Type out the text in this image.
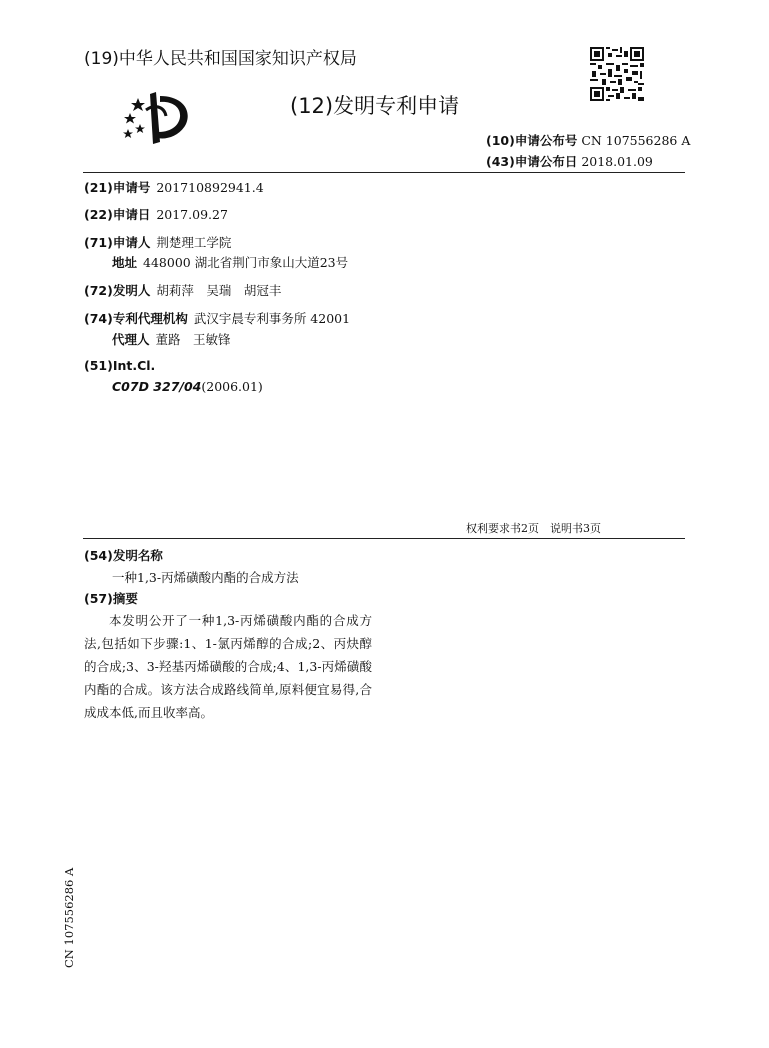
(19)中华人民共和国国家知识产权局
(12)发明专利申请
(10)申请公布号 CN 107556286 A
(43)申请公布日 2018.01.09
(21)申请号 201710892941.4
(22)申请日 2017.09.27
(71)申请人 荆楚理工学院
地址 448000 湖北省荆门市象山大道23号
(72)发明人 胡莉萍　吴瑞　胡冠丰
(74)专利代理机构 武汉宇晨专利事务所 42001
代理人 董路　王敏锋
(51)Int.Cl.
C07D 327/04(2006.01)
权利要求书2页　说明书3页
(54)发明名称
一种1,3-丙烯磺酸内酯的合成方法
(57)摘要
本发明公开了一种1,3-丙烯磺酸内酯的合成方法,包括如下步骤:1、1-氯丙烯醇的合成;2、丙炔醇的合成;3、3-羟基丙烯磺酸的合成;4、1,3-丙烯磺酸内酯的合成。该方法合成路线简单,原料便宜易得,合成成本低,而且收率高。
CN 107556286 A
